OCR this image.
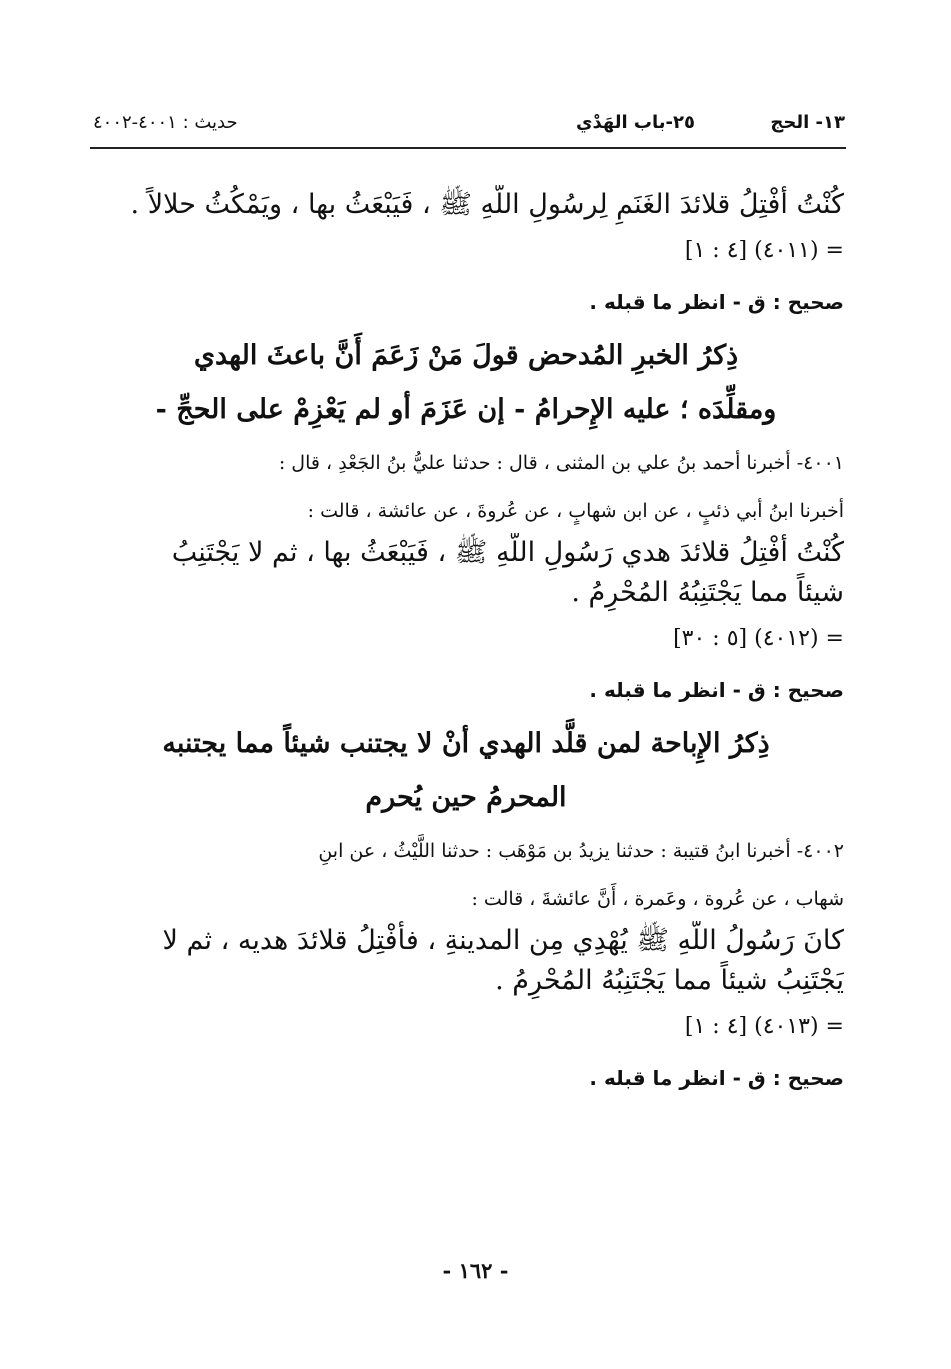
١٣- الحج
٢٥-باب الهَدْي
حديث : ٤٠٠١-٤٠٠٢
كُنْتُ أَفْتِلُ قلائدَ الغَنَمِ لِرسُولِ اللَّهِ ﷺ ، فَيَبْعَثُ بها ، ويَمْكُثُ حلالاً .
= (٤٠١١) [٤ : ١]
صحيح : ق - انظر ما قبله .
ذِكرُ الخبرِ المُدحض قولَ مَنْ زَعَمَ أَنَّ باعثَ الهدي
ومقلِّدَه ؛ عليه الإِحرامُ - إن عَزَمَ أو لم يَعْزِمْ على الحجِّ -
٤٠٠١- أخبرنا أحمد بنُ علي بن المثنى ، قال : حدثنا عليُّ بنُ الجَعْدِ ، قال :
أخبرنا ابنُ أبي ذئبٍ ، عن ابن شهابٍ ، عن عُروةَ ، عن عائشة ، قالت :
كُنْتُ أَفْتِلُ قلائدَ هدي رَسُولِ اللَّهِ ﷺ ، فَيَبْعَثُ بها ، ثم لا يَجْتَنِبُ
شيئاً مما يَجْتَنِبُهُ المُحْرِمُ .
= (٤٠١٢) [٥ : ٣٠]
صحيح : ق - انظر ما قبله .
ذِكرُ الإِباحة لمن قلَّد الهدي أنْ لا يجتنب شيئاً مما يجتنبه
المحرمُ حين يُحرم
٤٠٠٢- أخبرنا ابنُ قتيبة : حدثنا يزيدُ بن مَوْهَب : حدثنا اللَّيْثُ ، عن ابنِ
شهاب ، عن عُروة ، وعَمرة ، أَنَّ عائشةَ ، قالت :
كانَ رَسُولُ اللَّهِ ﷺ يُهْدِي مِن المدينةِ ، فأَفْتِلُ قلائدَ هديه ، ثم لا
يَجْتَنِبُ شيئاً مما يَجْتَنِبُهُ المُحْرِمُ .
= (٤٠١٣) [٤ : ١]
صحيح : ق - انظر ما قبله .
- ١٦٢ -
